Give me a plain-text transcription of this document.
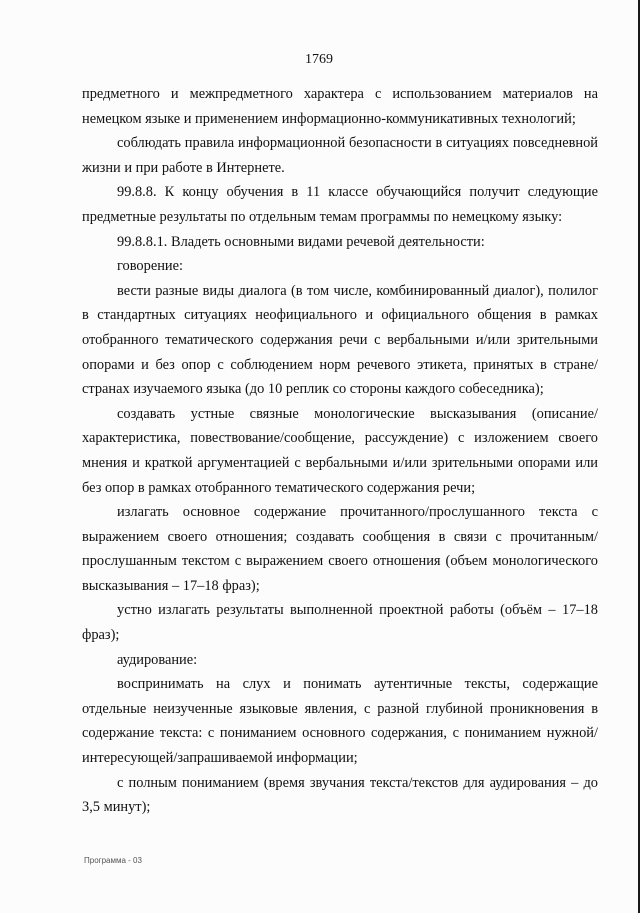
1769

предметного и межпредметного характера с использованием материалов на немецком языке и применением информационно-коммуникативных технологий;

соблюдать правила информационной безопасности в ситуациях повседневной жизни и при работе в Интернете.

99.8.8. К концу обучения в 11 классе обучающийся получит следующие предметные результаты по отдельным темам программы по немецкому языку:

99.8.8.1. Владеть основными видами речевой деятельности:

говорение:

вести разные виды диалога (в том числе, комбинированный диалог), полилог в стандартных ситуациях неофициального и официального общения в рамках отобранного тематического содержания речи с вербальными и/или зрительными опорами и без опор с соблюдением норм речевого этикета, принятых в стране/странах изучаемого языка (до 10 реплик со стороны каждого собеседника);

создавать устные связные монологические высказывания (описание/характеристика, повествование/сообщение, рассуждение) с изложением своего мнения и краткой аргументацией с вербальными и/или зрительными опорами или без опор в рамках отобранного тематического содержания речи;

излагать основное содержание прочитанного/прослушанного текста с выражением своего отношения; создавать сообщения в связи с прочитанным/прослушанным текстом с выражением своего отношения (объем монологического высказывания – 17–18 фраз);

устно излагать результаты выполненной проектной работы (объём – 17–18 фраз);

аудирование:

воспринимать на слух и понимать аутентичные тексты, содержащие отдельные неизученные языковые явления, с разной глубиной проникновения в содержание текста: с пониманием основного содержания, с пониманием нужной/интересующей/запрашиваемой информации;

с полным пониманием (время звучания текста/текстов для аудирования – до 3,5 минут);

Программа - 03
